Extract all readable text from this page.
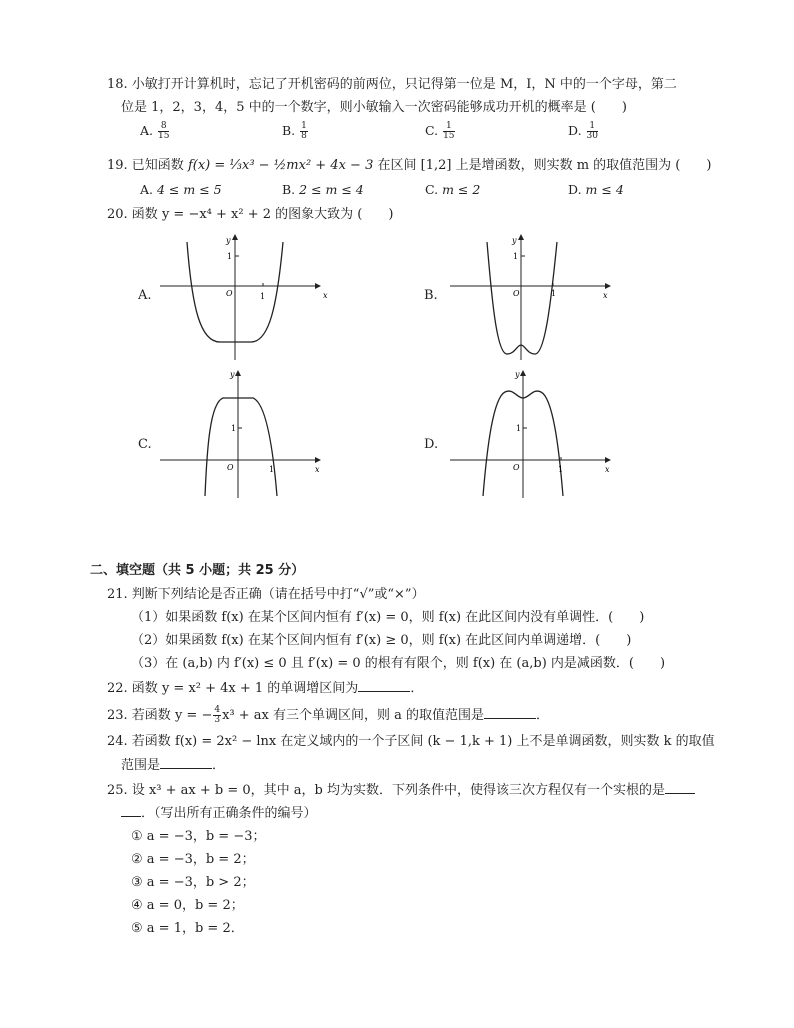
18. 小敏打开计算机时，忘记了开机密码的前两位，只记得第一位是 M，I，N 中的一个字母，第二
位是 1，2，3，4，5 中的一个数字，则小敏输入一次密码能够成功开机的概率是 (　　)
A. $\frac{8}{15}$	B. $\frac{1}{8}$	C. $\frac{1}{15}$	D. $\frac{1}{30}$
19. 已知函数 f(x) = ⅓x³ − ½mx² + 4x − 3 在区间 [1,2] 上是增函数，则实数 m 的取值范围为 (　　)
A. 4 ≤ m ≤ 5	B. 2 ≤ m ≤ 4	C. m ≤ 2	D. m ≤ 4
20. 函数 y = −x⁴ + x² + 2 的图象大致为 (　　)
A.	x
y
O	1
1
B.	x
y
O	1
1
C.
x
y
O	1
1
D.
x
y
O	1
1
二、填空题（共 5 小题；共 25 分）
21. 判断下列结论是否正确（请在括号中打“√”或“×”）
（1）如果函数 f(x) 在某个区间内恒有 f′(x) = 0，则 f(x) 在此区间内没有单调性．(　　)
（2）如果函数 f(x) 在某个区间内恒有 f′(x) ≥ 0，则 f(x) 在此区间内单调递增．(　　)
（3）在 (a,b) 内 f′(x) ≤ 0 且 f′(x) = 0 的根有有限个，则 f(x) 在 (a,b) 内是减函数．(　　)
22. 函数 y = x² + 4x + 1 的单调增区间为	．
23. 若函数 y = − $\frac{4}{3} x^3$ + ax 有三个单调区间，则 a 的取值范围是	．
24. 若函数 f(x) = 2x² − lnx 在定义域内的一个子区间 (k − 1,k + 1) 上不是单调函数，则实数 k 的取值
范围是	．
25. 设 x³ + ax + b = 0，其中 a，b 均为实数．下列条件中，使得该三次方程仅有一个实根的是
．（写出所有正确条件的编号）
① a = −3，b = −3；
② a = −3，b = 2；
③ a = −3，b > 2；
④ a = 0，b = 2；
⑤ a = 1，b = 2．
